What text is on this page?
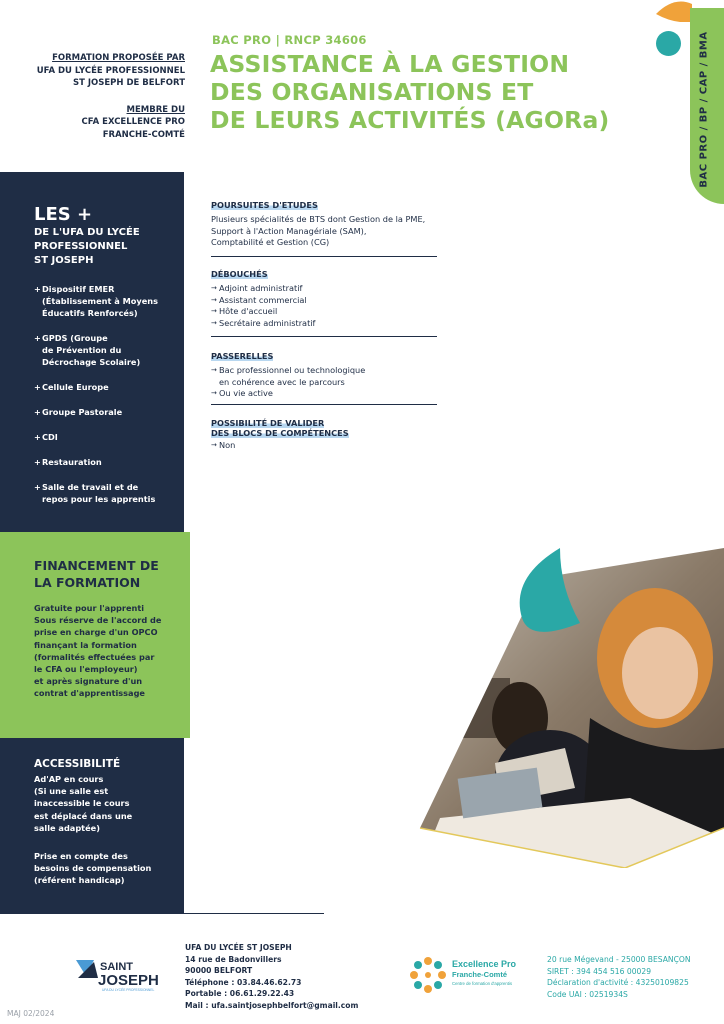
FORMATION PROPOSÉE PAR
UFA DU LYCÉE PROFESSIONNEL
ST JOSEPH DE BELFORT
MEMBRE DU
CFA EXCELLENCE PRO
FRANCHE-COMTÉ
BAC PRO | RNCP 34606
ASSISTANCE À LA GESTION
DES ORGANISATIONS ET
DE LEURS ACTIVITÉS (AGORa)	BAC PRO / BP / CAP / BMA
LES +
DE L'UFA DU LYCÉE
PROFESSIONNEL
ST JOSEPH
+ Dispositif EMER
(Établissement à Moyens
Éducatifs Renforcés)
+ GPDS (Groupe
de Prévention du
Décrochage Scolaire)
+ Cellule Europe
+ Groupe Pastorale
+ CDI
+ Restauration
+ Salle de travail et de
repos pour les apprentis
FINANCEMENT DE
LA FORMATION
Gratuite pour l'apprenti
Sous réserve de l'accord de
prise en charge d'un OPCO
finançant la formation
(formalités effectuées par
le CFA ou l'employeur)
et après signature d'un
contrat d'apprentissage
ACCESSIBILITÉ
Ad'AP en cours
(Si une salle est
inaccessible le cours
est déplacé dans une
salle adaptée)
Prise en compte des
besoins de compensation
(référent handicap)
POURSUITES D'ETUDES
Plusieurs spécialités de BTS dont Gestion de la PME,
Support à l'Action Managériale (SAM),
Comptabilité et Gestion (CG)
DÉBOUCHÉS
→ Adjoint administratif
→ Assistant commercial
→ Hôte d'accueil
→ Secrétaire administratif
PASSERELLES
→ Bac professionnel ou technologique
en cohérence avec le parcours
→ Ou vie active
POSSIBILITÉ DE VALIDER
DES BLOCS DE COMPÉTENCES
→ Non
SAINT
JOSEPH
UFA DU LYCÉE PROFESSIONNEL
UFA DU LYCÉE ST JOSEPH
14 rue de Badonvillers
90000 BELFORT
Téléphone : 03.84.46.62.73
Portable : 06.61.29.22.43
Mail : ufa.saintjosephbelfort@gmail.com
Excellence Pro
Franche-Comté
Centre de formation d'apprentis
20 rue Mégevand - 25000 BESANÇON
SIRET : 394 454 516 00029
Déclaration d'activité : 43250109825
Code UAI : 0251934S
MAJ 02/2024
